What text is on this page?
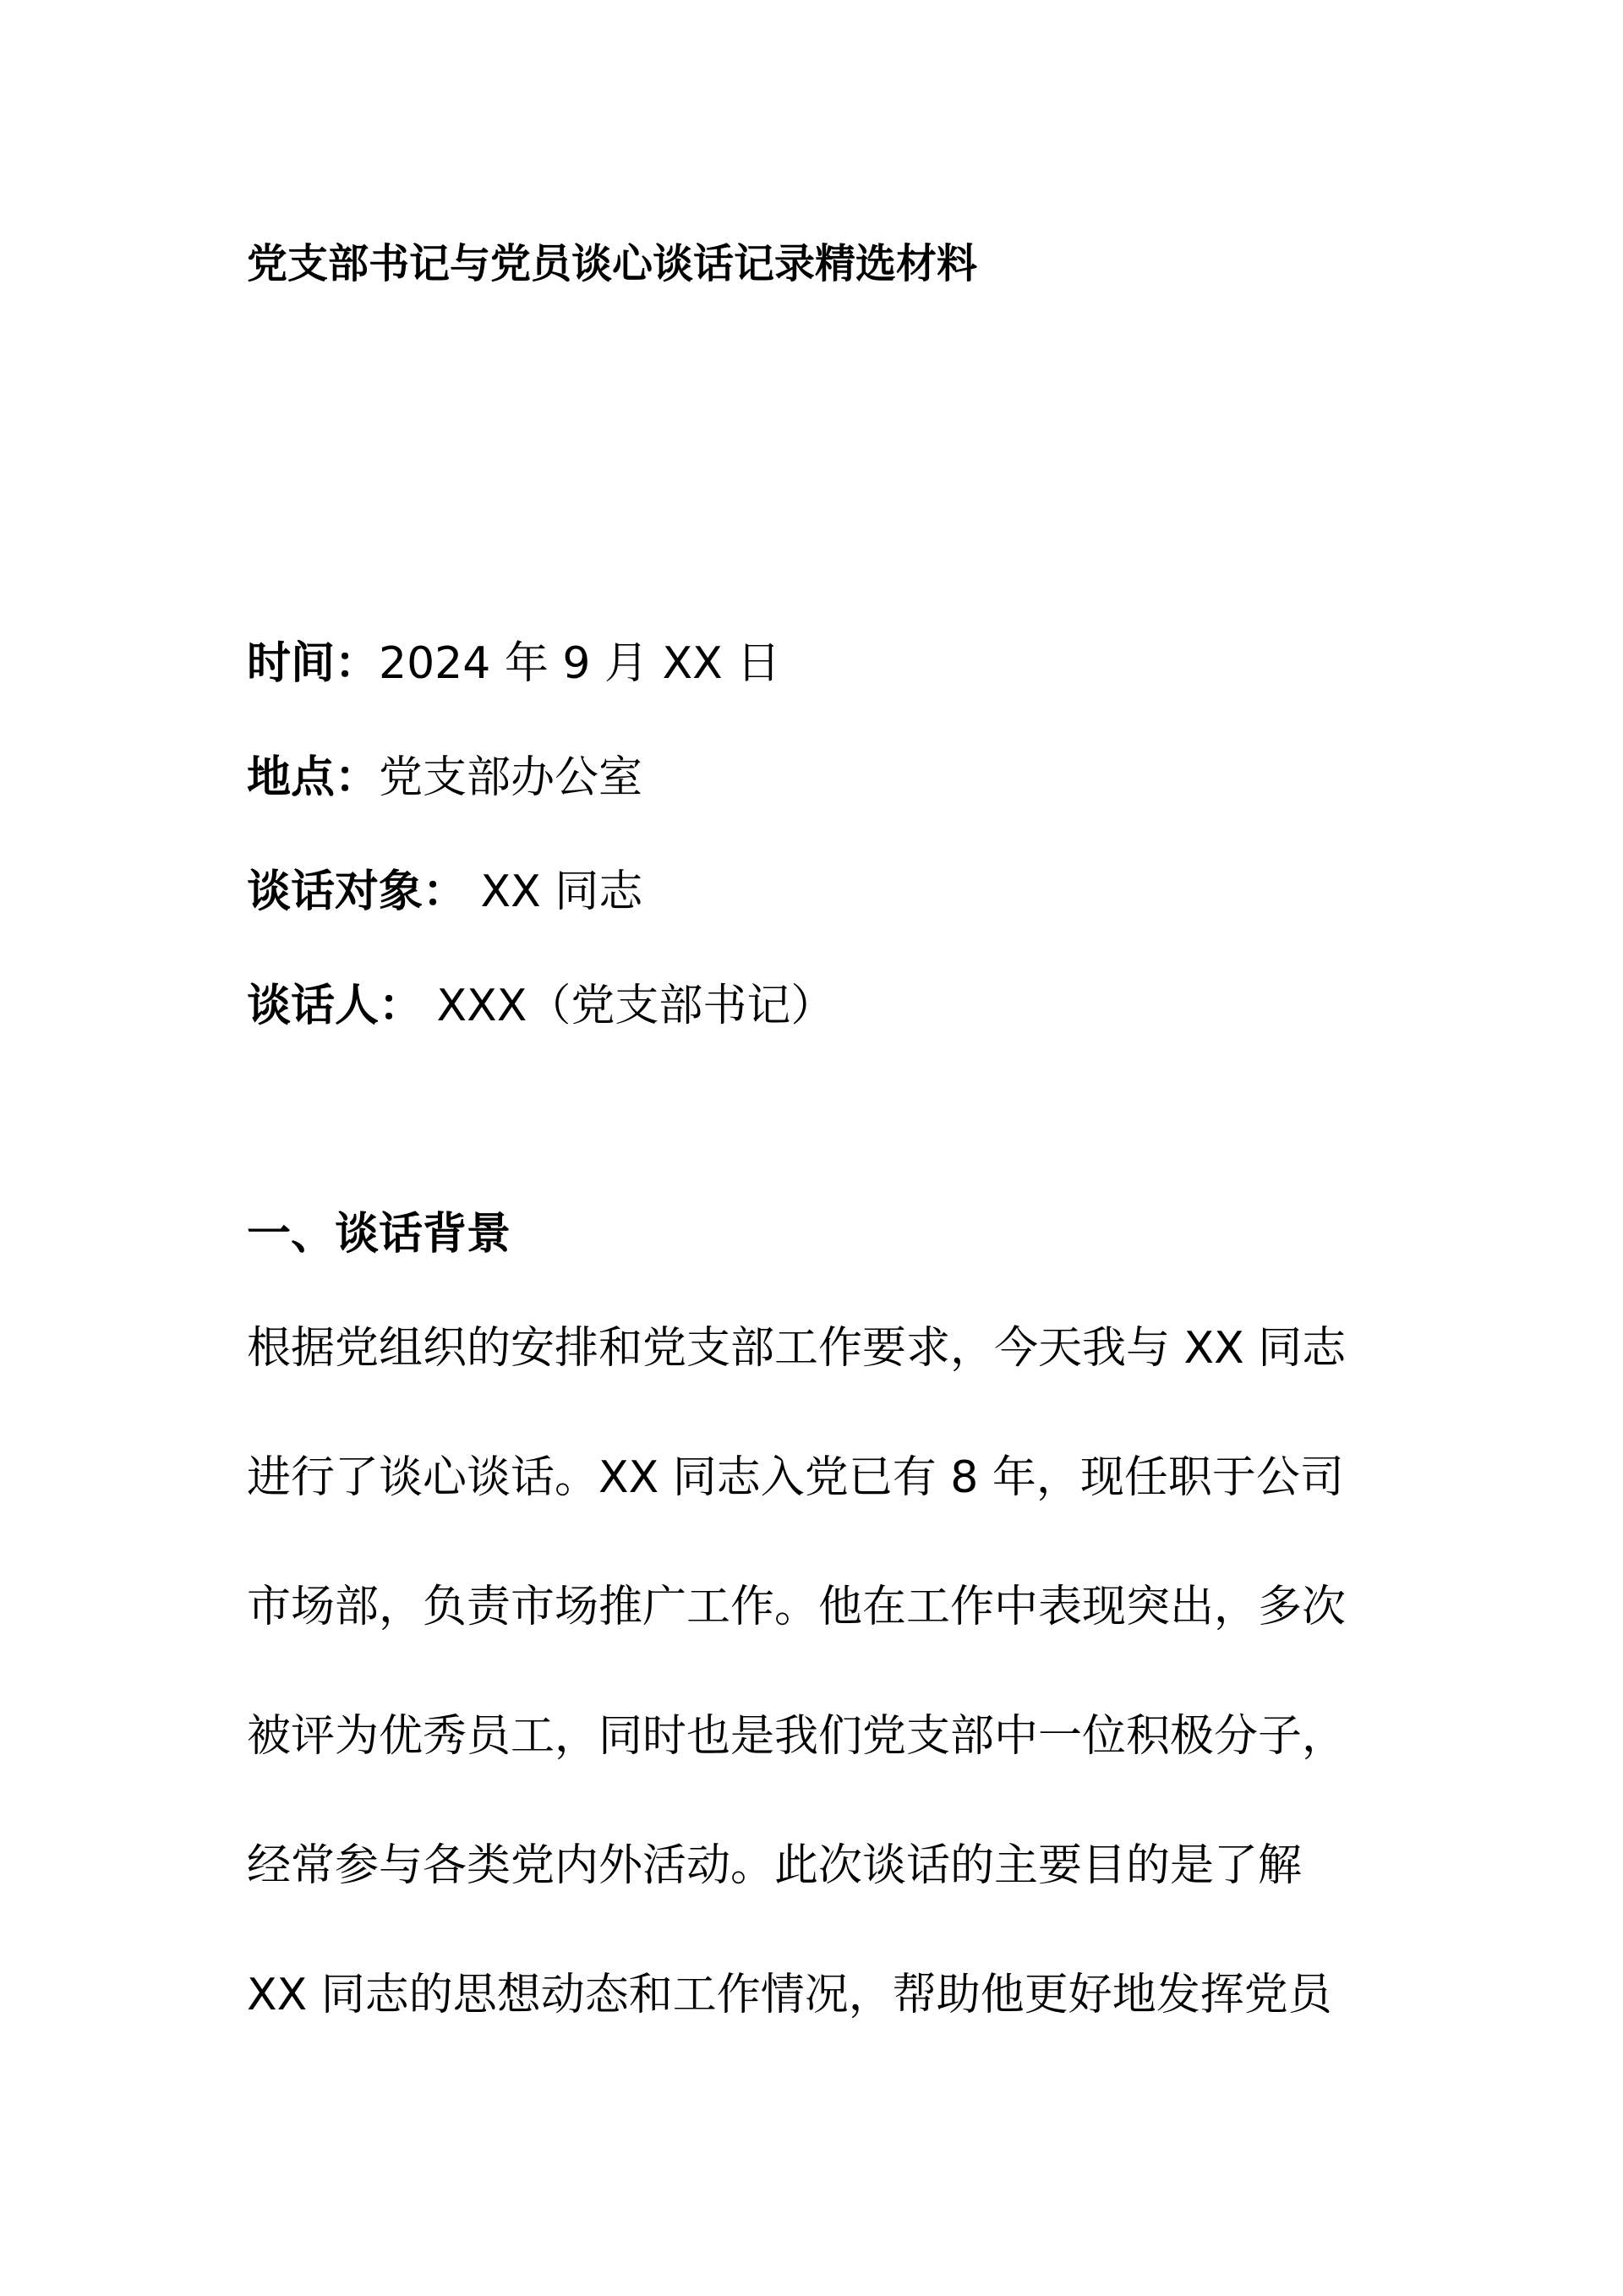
党支部书记与党员谈心谈话记录精选材料
时间：2024 年 9 月 XX 日
地点：党支部办公室
谈话对象： XX 同志
谈话人： XXX（党支部书记）
一、谈话背景
根据党组织的安排和党支部工作要求，今天我与 XX 同志
进行了谈心谈话。XX 同志入党已有 8 年，现任职于公司
市场部，负责市场推广工作。他在工作中表现突出，多次
被评为优秀员工，同时也是我们党支部中一位积极分子，
经常参与各类党内外活动。此次谈话的主要目的是了解
XX 同志的思想动态和工作情况，帮助他更好地发挥党员
